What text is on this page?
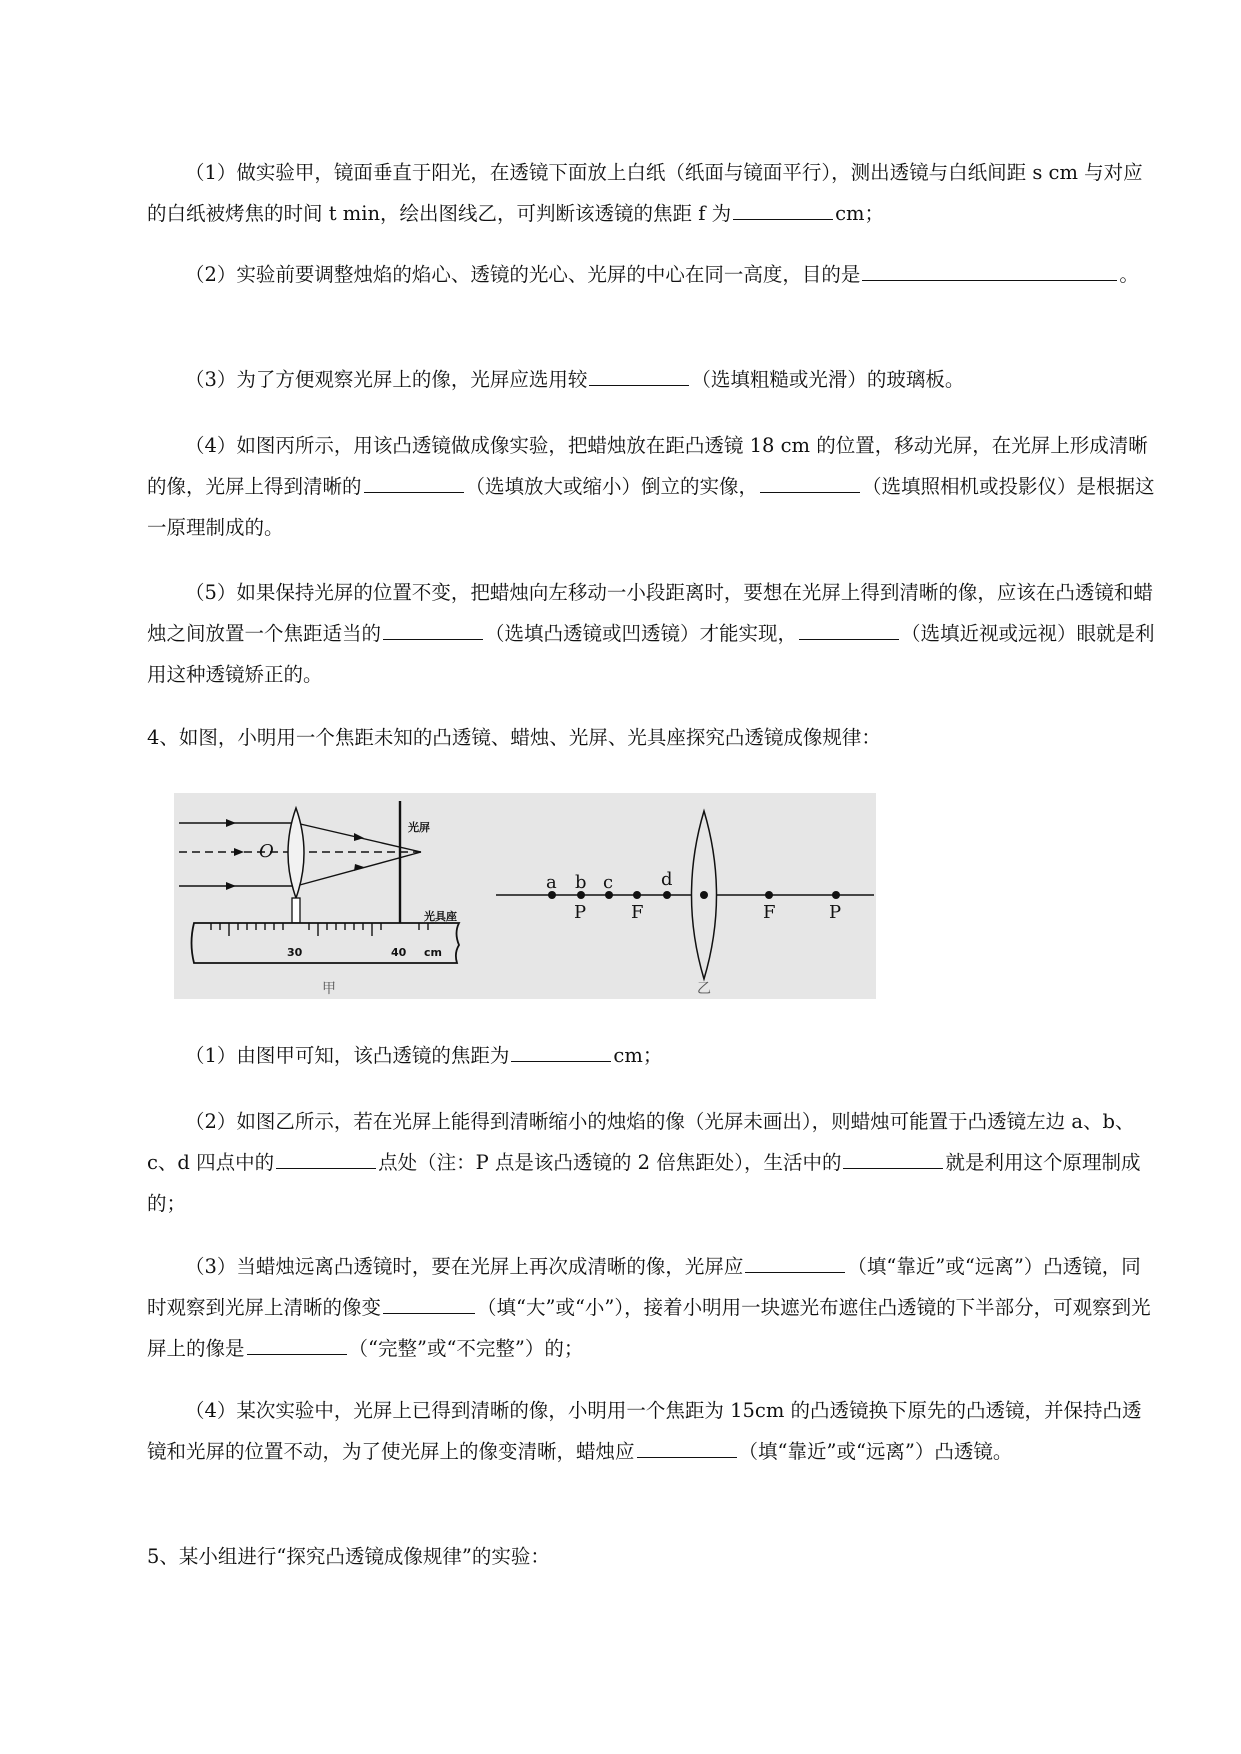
（1）做实验甲，镜面垂直于阳光，在透镜下面放上白纸（纸面与镜面平行），测出透镜与白纸间距 s cm 与对应的白纸被烤焦的时间 t min，绘出图线乙，可判断该透镜的焦距 f 为	cm；
（2）实验前要调整烛焰的焰心、透镜的光心、光屏的中心在同一高度，目的是	。
（3）为了方便观察光屏上的像，光屏应选用较	（选填粗糙或光滑）的玻璃板。
（4）如图丙所示，用该凸透镜做成像实验，把蜡烛放在距凸透镜 18 cm 的位置，移动光屏，在光屏上形成清晰的像，光屏上得到清晰的	（选填放大或缩小）倒立的实像，	（选填照相机或投影仪）是根据这一原理制成的。
（5）如果保持光屏的位置不变，把蜡烛向左移动一小段距离时，要想在光屏上得到清晰的像，应该在凸透镜和蜡烛之间放置一个焦距适当的	（选填凸透镜或凹透镜）才能实现，	（选填近视或远视）眼就是利用这种透镜矫正的。
4、如图，小明用一个焦距未知的凸透镜、蜡烛、光屏、光具座探究凸透镜成像规律：
O
光屏
光具座
30	40 cm
甲
a b c	d
P F	F	P
乙
（1）由图甲可知，该凸透镜的焦距为	cm；
（2）如图乙所示，若在光屏上能得到清晰缩小的烛焰的像（光屏未画出），则蜡烛可能置于凸透镜左边 a、b、c、d 四点中的	点处（注：P 点是该凸透镜的 2 倍焦距处），生活中的	就是利用这个原理制成的；
（3）当蜡烛远离凸透镜时，要在光屏上再次成清晰的像，光屏应	（填“靠近”或“远离”）凸透镜，同时观察到光屏上清晰的像变	（填“大”或“小”），接着小明用一块遮光布遮住凸透镜的下半部分，可观察到光屏上的像是	（“完整”或“不完整”）的；
（4）某次实验中，光屏上已得到清晰的像，小明用一个焦距为 15cm 的凸透镜换下原先的凸透镜，并保持凸透镜和光屏的位置不动，为了使光屏上的像变清晰，蜡烛应	（填“靠近”或“远离”）凸透镜。
5、某小组进行“探究凸透镜成像规律”的实验：
